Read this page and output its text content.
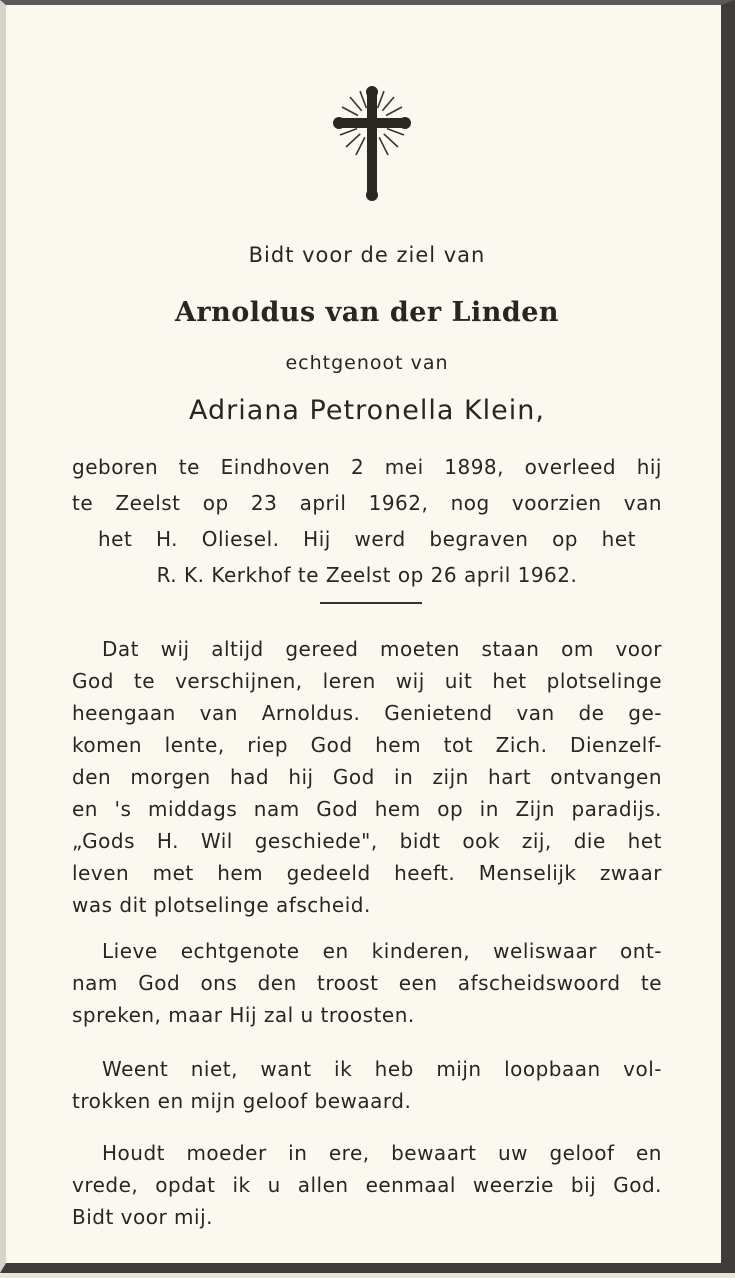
Bidt voor de ziel van
Arnoldus van der Linden
echtgenoot van
Adriana Petronella Klein,
geboren te Eindhoven 2 mei 1898, overleed hij
te Zeelst op 23 april 1962, nog voorzien van
het H. Oliesel. Hij werd begraven op het
R. K. Kerkhof te Zeelst op 26 april 1962.
Dat wij altijd gereed moeten staan om voor
God te verschijnen, leren wij uit het plotselinge
heengaan van Arnoldus. Genietend van de ge-
komen lente, riep God hem tot Zich. Dienzelf-
den morgen had hij God in zijn hart ontvangen
en 's middags nam God hem op in Zijn paradijs.
„Gods H. Wil geschiede", bidt ook zij, die het
leven met hem gedeeld heeft. Menselijk zwaar
was dit plotselinge afscheid.
Lieve echtgenote en kinderen, weliswaar ont-
nam God ons den troost een afscheidswoord te
spreken, maar Hij zal u troosten.
Weent niet, want ik heb mijn loopbaan vol-
trokken en mijn geloof bewaard.
Houdt moeder in ere, bewaart uw geloof en
vrede, opdat ik u allen eenmaal weerzie bij God.
Bidt voor mij.
